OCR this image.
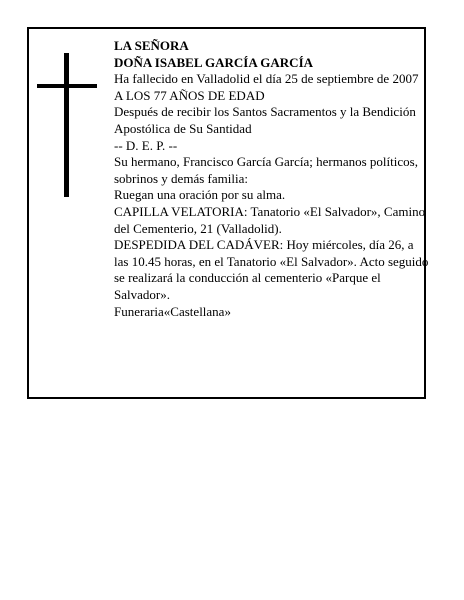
LA SEÑORA

DOÑA ISABEL GARCÍA GARCÍA

Ha fallecido en Valladolid el día 25 de septiembre de 2007

A LOS 77 AÑOS DE EDAD

Después de recibir los Santos Sacramentos y la Bendición Apostólica de Su Santidad

-- D. E. P. --

Su hermano, Francisco García García; hermanos políticos, sobrinos y demás familia:

Ruegan una oración por su alma.

CAPILLA VELATORIA: Tanatorio «El Salvador», Camino del Cementerio, 21 (Valladolid).

DESPEDIDA DEL CADÁVER: Hoy miércoles, día 26, a las 10.45 horas, en el Tanatorio «El Salvador». Acto seguido se realizará la conducción al cementerio «Parque el Salvador».

Funeraria«Castellana»
